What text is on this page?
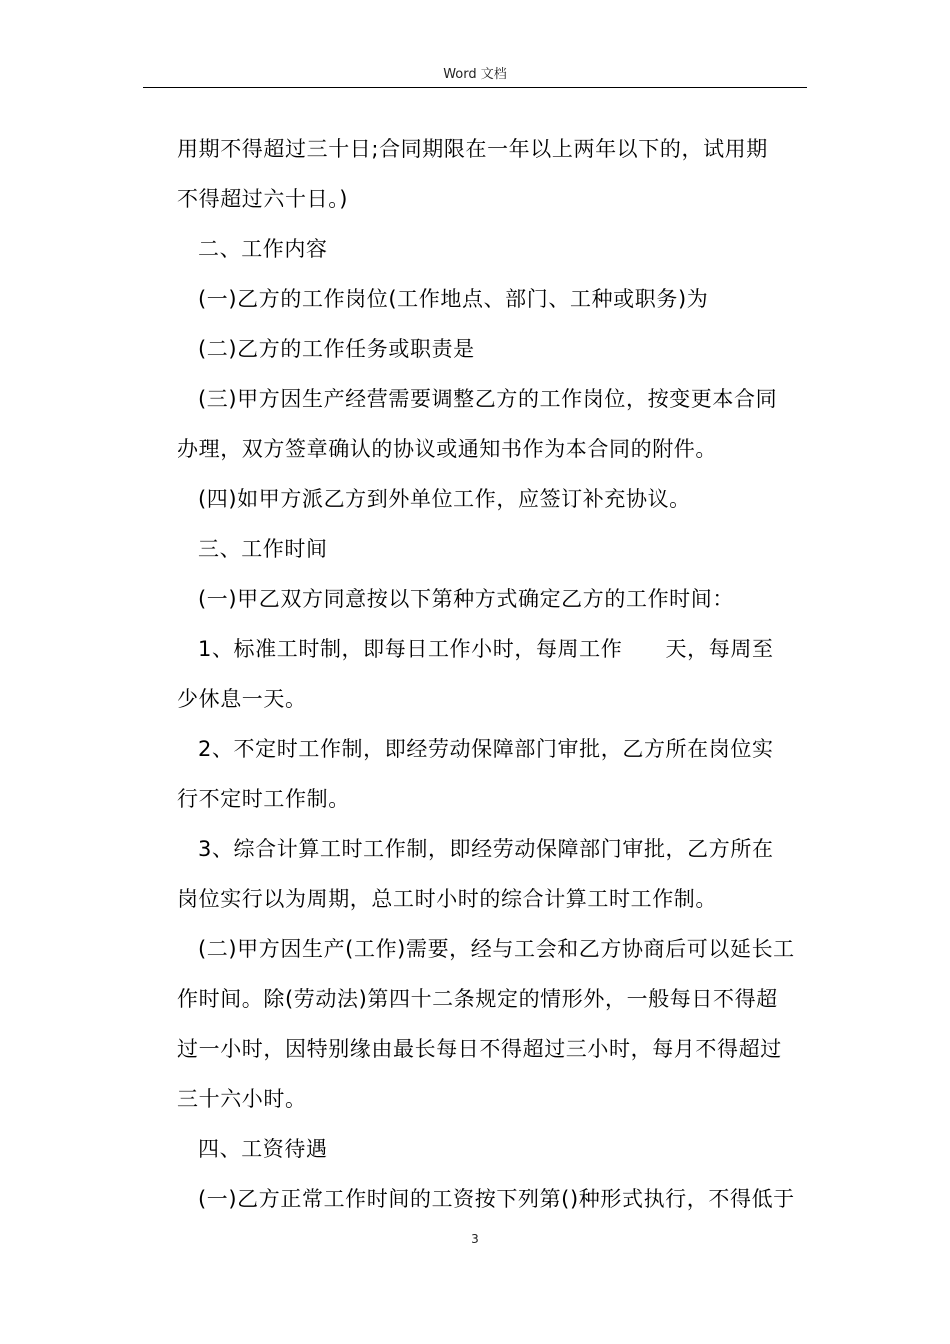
Word 文档
用期不得超过三十日;合同期限在一年以上两年以下的，试用期
不得超过六十日。)
二、工作内容
(一)乙方的工作岗位(工作地点、部门、工种或职务)为
(二)乙方的工作任务或职责是
(三)甲方因生产经营需要调整乙方的工作岗位，按变更本合同
办理，双方签章确认的协议或通知书作为本合同的附件。
(四)如甲方派乙方到外单位工作，应签订补充协议。
三、工作时间
(一)甲乙双方同意按以下第种方式确定乙方的工作时间：
1、标准工时制，即每日工作小时，每周工作　　天，每周至
少休息一天。
2、不定时工作制，即经劳动保障部门审批，乙方所在岗位实
行不定时工作制。
3、综合计算工时工作制，即经劳动保障部门审批，乙方所在
岗位实行以为周期，总工时小时的综合计算工时工作制。
(二)甲方因生产(工作)需要，经与工会和乙方协商后可以延长工
作时间。除(劳动法)第四十二条规定的情形外，一般每日不得超
过一小时，因特别缘由最长每日不得超过三小时，每月不得超过
三十六小时。
四、工资待遇
(一)乙方正常工作时间的工资按下列第()种形式执行，不得低于
3
